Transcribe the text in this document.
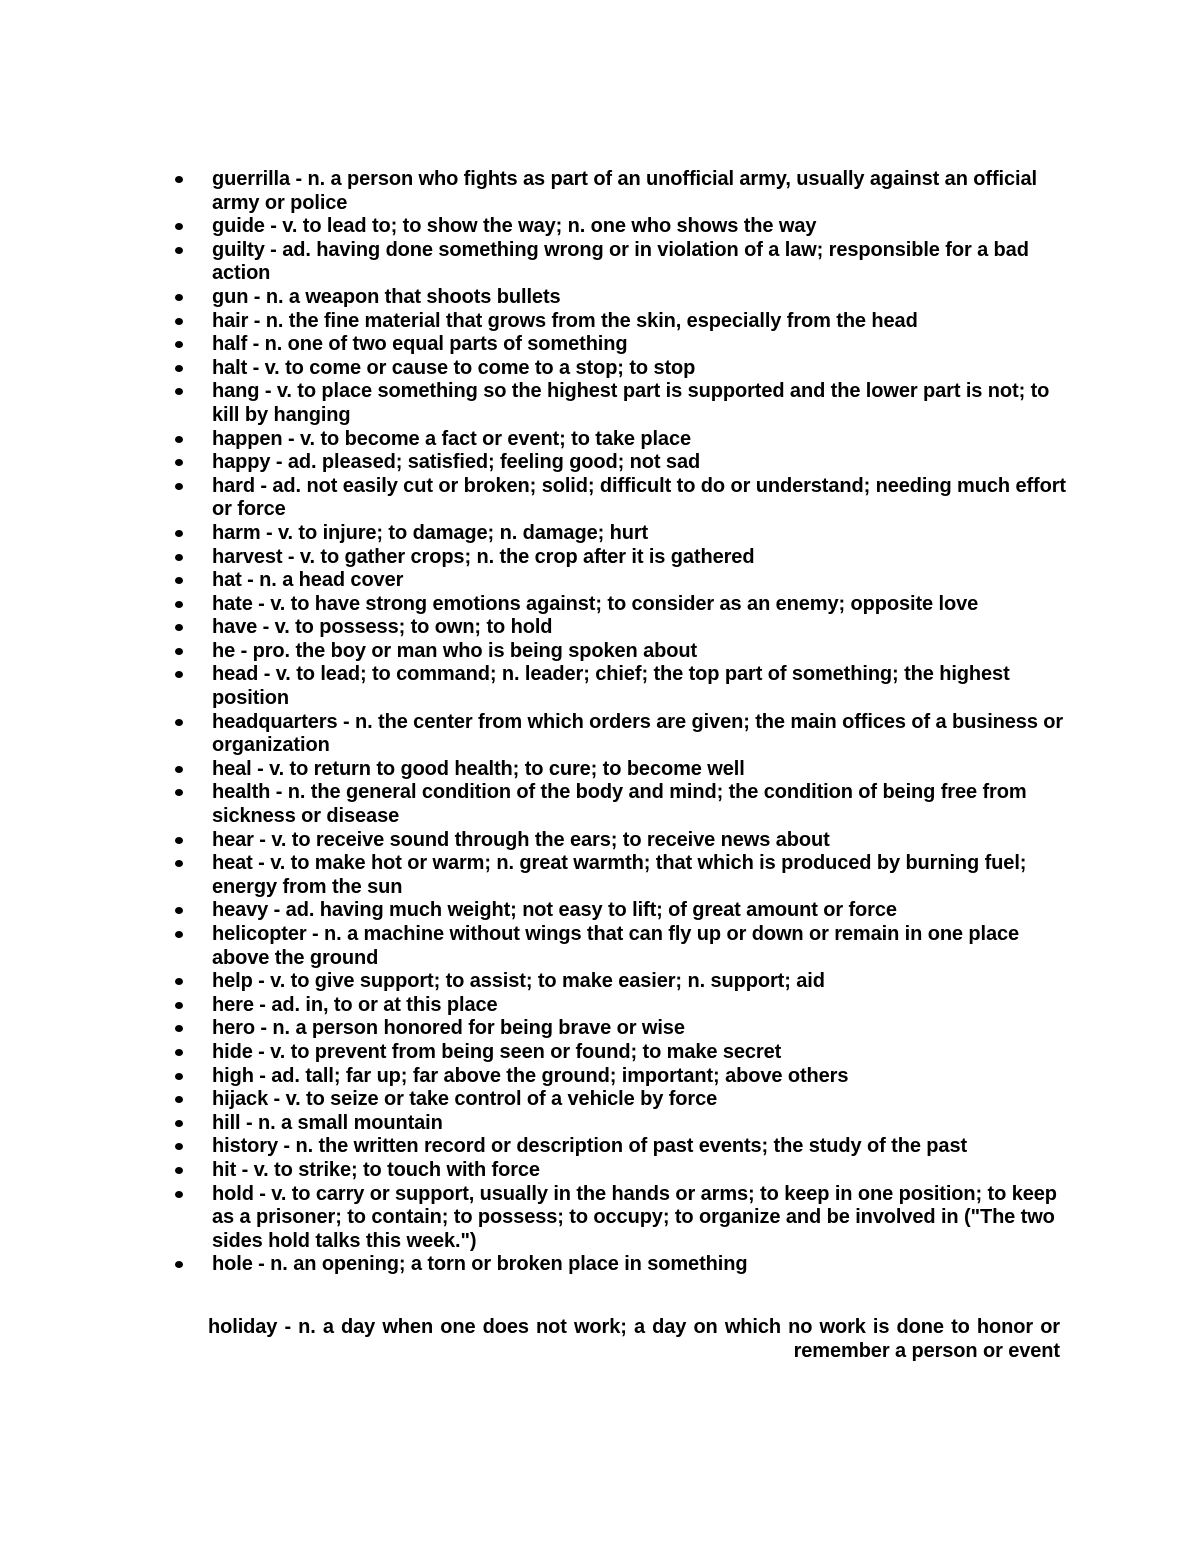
guerrilla - n. a person who fights as part of an unofficial army, usually against an official army or police
guide - v. to lead to; to show the way; n. one who shows the way
guilty - ad. having done something wrong or in violation of a law; responsible for a bad action
gun - n. a weapon that shoots bullets
hair - n. the fine material that grows from the skin, especially from the head
half - n. one of two equal parts of something
halt - v. to come or cause to come to a stop; to stop
hang - v. to place something so the highest part is supported and the lower part is not; to kill by hanging
happen - v. to become a fact or event; to take place
happy - ad. pleased; satisfied; feeling good; not sad
hard - ad. not easily cut or broken; solid; difficult to do or understand; needing much effort or force
harm - v. to injure; to damage; n. damage; hurt
harvest - v. to gather crops; n. the crop after it is gathered
hat - n. a head cover
hate - v. to have strong emotions against; to consider as an enemy; opposite love
have - v. to possess; to own; to hold
he - pro. the boy or man who is being spoken about
head - v. to lead; to command; n. leader; chief; the top part of something; the highest position
headquarters - n. the center from which orders are given; the main offices of a business or organization
heal - v. to return to good health; to cure; to become well
health - n. the general condition of the body and mind; the condition of being free from sickness or disease
hear - v. to receive sound through the ears; to receive news about
heat - v. to make hot or warm; n. great warmth; that which is produced by burning fuel; energy from the sun
heavy - ad. having much weight; not easy to lift; of great amount or force
helicopter - n. a machine without wings that can fly up or down or remain in one place above the ground
help - v. to give support; to assist; to make easier; n. support; aid
here - ad. in, to or at this place
hero - n. a person honored for being brave or wise
hide - v. to prevent from being seen or found; to make secret
high - ad. tall; far up; far above the ground; important; above others
hijack - v. to seize or take control of a vehicle by force
hill - n. a small mountain
history - n. the written record or description of past events; the study of the past
hit - v. to strike; to touch with force
hold - v. to carry or support, usually in the hands or arms; to keep in one position; to keep as a prisoner; to contain; to possess; to occupy; to organize and be involved in ("The two sides hold talks this week.")
hole - n. an opening; a torn or broken place in something
holiday - n. a day when one does not work; a day on which no work is done to honor or remember a person or event
